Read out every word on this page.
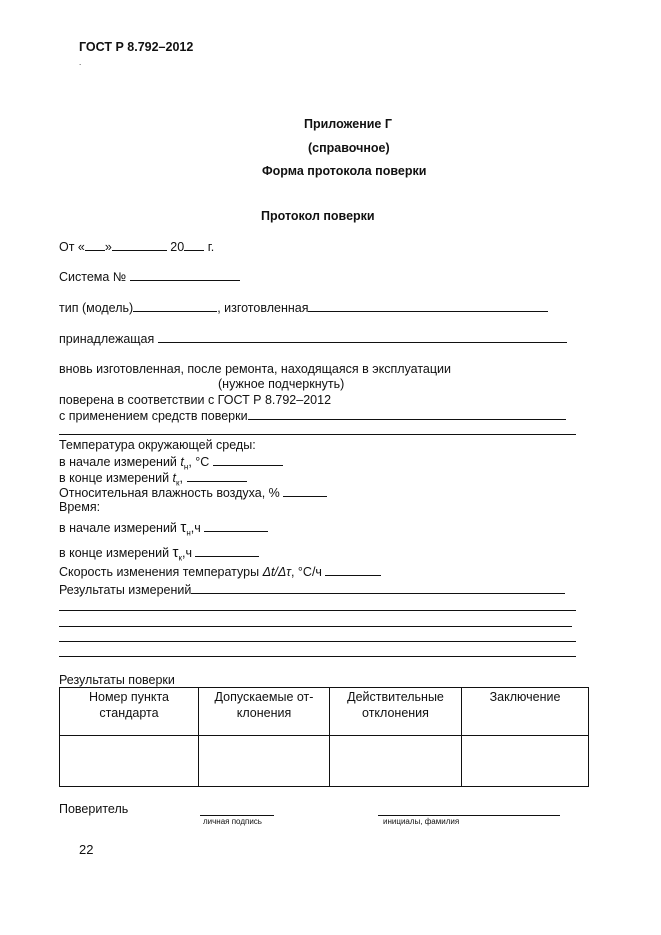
ГОСТ Р 8.792–2012
.
Приложение Г
(справочное)
Форма протокола поверки
Протокол поверки
От « »	20 г.
Система №
тип (модель)	, изготовленная
принадлежащая
вновь изготовленная, после ремонта, находящаяся в эксплуатации
(нужное подчеркнуть)
поверена в соответствии с ГОСТ Р 8.792–2012
с применением средств поверки
Температура окружающей среды:
в начале измерений $t_н$, °С
в конце измерений $t_к$,
Относительная влажность воздуха, %
Время:
в начале измерений $\tau_н,ч$
в конце измерений $\tau_к,ч$
Скорость изменения температуры Δt/Δτ, °С/ч
Результаты измерений
Результаты поверки
Номер пункта стандарта	Допускаемые от-клонения	Действительные отклонения	Заключение

Поверитель
личная подпись	инициалы, фамилия
22
